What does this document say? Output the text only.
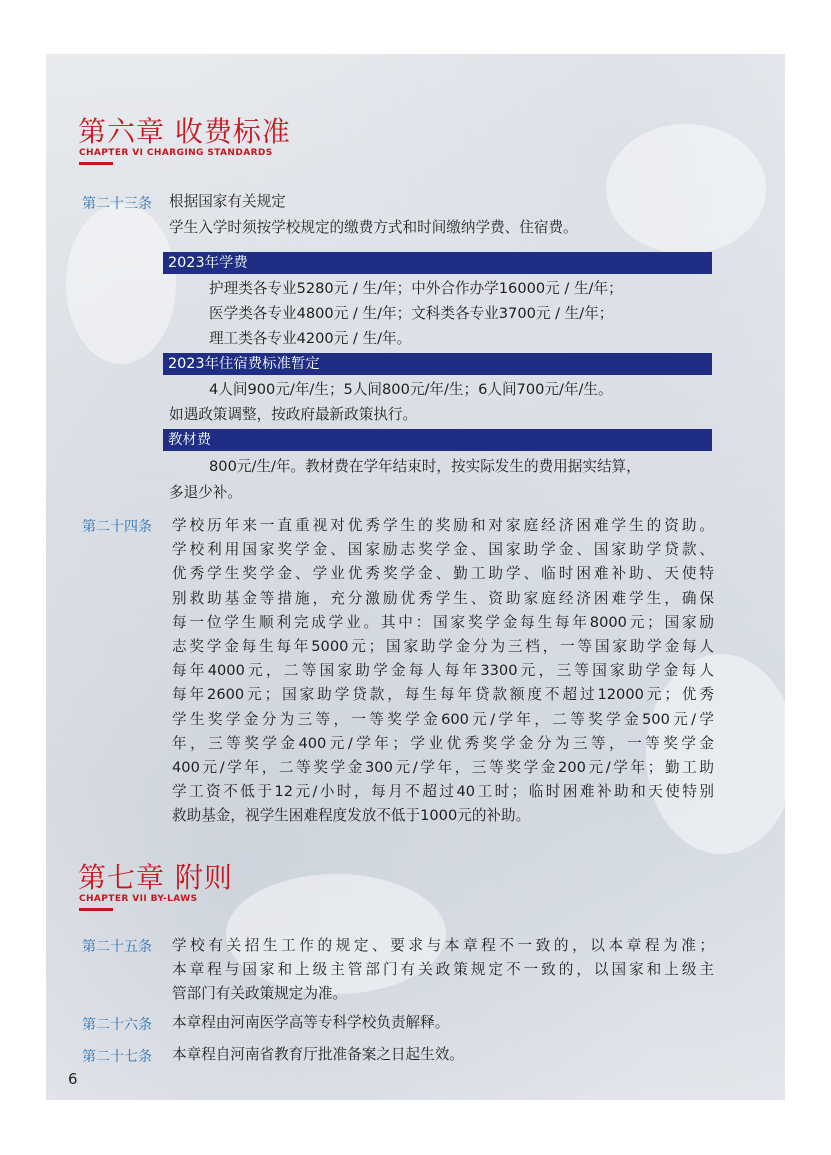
第六章 收费标准
CHAPTER VI CHARGING STANDARDS
第二十三条 根据国家有关规定
学生入学时须按学校规定的缴费方式和时间缴纳学费、住宿费。
2023年学费
护理类各专业5280元 / 生/年；中外合作办学16000元 / 生/年；
医学类各专业4800元 / 生/年；文科类各专业3700元 / 生/年；
理工类各专业4200元 / 生/年。
2023年住宿费标准暂定
4人间900元/年/生；5人间800元/年/生；6人间700元/年/生。
如遇政策调整，按政府最新政策执行。
教材费
800元/生/年。教材费在学年结束时，按实际发生的费用据实结算，
多退少补。
第二十四条 学校历年来一直重视对优秀学生的奖励和对家庭经济困难学生的资助。
学校利用国家奖学金、国家励志奖学金、国家助学金、国家助学贷款、
优秀学生奖学金、学业优秀奖学金、勤工助学、临时困难补助、天使特
别救助基金等措施，充分激励优秀学生、资助家庭经济困难学生，确保
每一位学生顺利完成学业。其中：国家奖学金每生每年8000元；国家励
志奖学金每生每年5000元；国家助学金分为三档，一等国家助学金每人
每年4000元，二等国家助学金每人每年3300元，三等国家助学金每人
每年2600元；国家助学贷款，每生每年贷款额度不超过12000元；优秀
学生奖学金分为三等，一等奖学金600元/学年，二等奖学金500元/学
年，三等奖学金400元/学年；学业优秀奖学金分为三等，一等奖学金
400元/学年，二等奖学金300元/学年，三等奖学金200元/学年；勤工助
学工资不低于12元/小时，每月不超过40工时；临时困难补助和天使特别
救助基金，视学生困难程度发放不低于1000元的补助。
第七章 附则
CHAPTER VII BY-LAWS
第二十五条 学校有关招生工作的规定、要求与本章程不一致的，以本章程为准；
本章程与国家和上级主管部门有关政策规定不一致的，以国家和上级主
管部门有关政策规定为准。
第二十六条 本章程由河南医学高等专科学校负责解释。
第二十七条 本章程自河南省教育厅批准备案之日起生效。
6
